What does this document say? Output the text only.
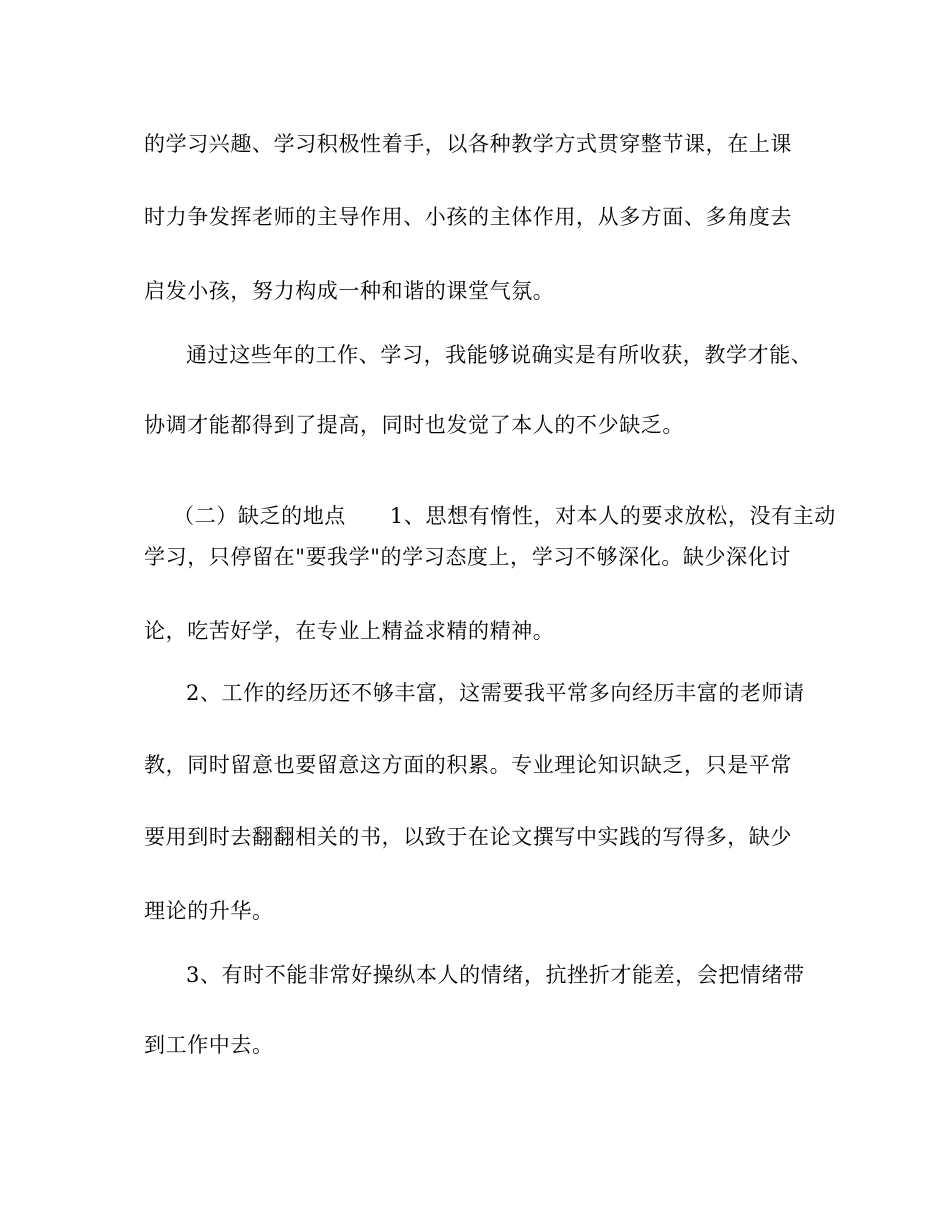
的学习兴趣、学习积极性着手，以各种教学方式贯穿整节课，在上课
时力争发挥老师的主导作用、小孩的主体作用，从多方面、多角度去
启发小孩，努力构成一种和谐的课堂气氛。
通过这些年的工作、学习，我能够说确实是有所收获，教学才能、
协调才能都得到了提高，同时也发觉了本人的不少缺乏。

（二）缺乏的地点 1、思想有惰性，对本人的要求放松，没有主动

学习，只停留在"要我学"的学习态度上，学习不够深化。缺少深化讨
论，吃苦好学，在专业上精益求精的精神。
2、工作的经历还不够丰富，这需要我平常多向经历丰富的老师请
教，同时留意也要留意这方面的积累。专业理论知识缺乏，只是平常
要用到时去翻翻相关的书，以致于在论文撰写中实践的写得多，缺少
理论的升华。
3、有时不能非常好操纵本人的情绪，抗挫折才能差，会把情绪带
到工作中去。
